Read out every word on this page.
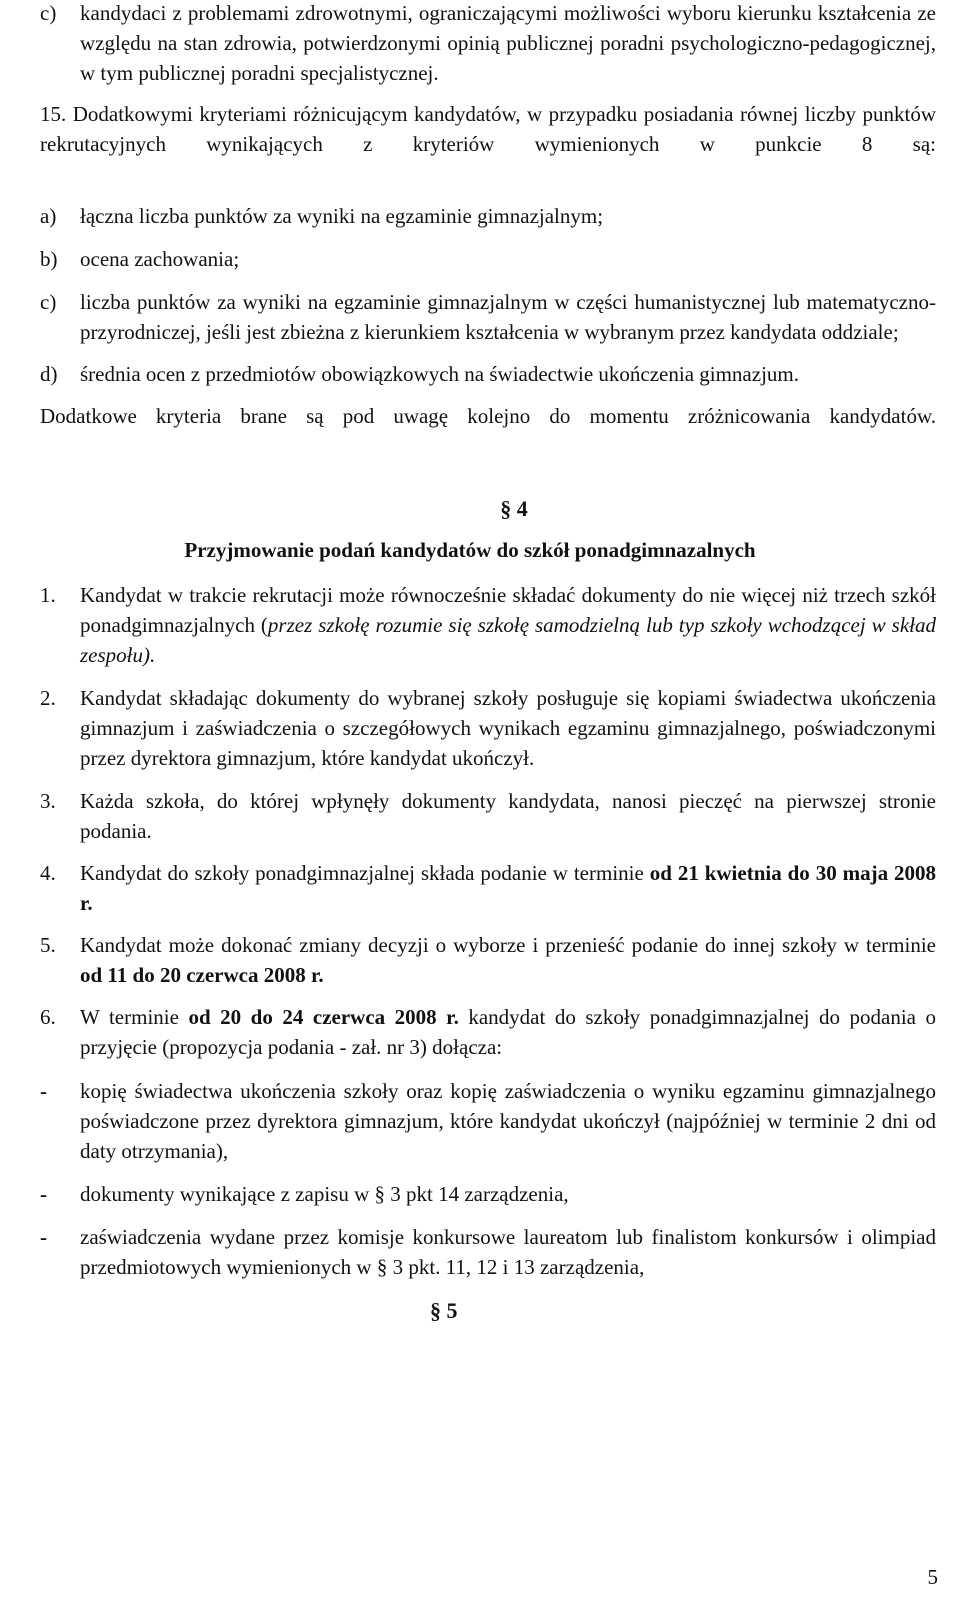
c) kandydaci z problemami zdrowotnymi, ograniczającymi możliwości wyboru kierunku kształcenia ze względu na stan zdrowia, potwierdzonymi opinią publicznej poradni psychologiczno-pedagogicznej, w tym publicznej poradni specjalistycznej.
15. Dodatkowymi kryteriami różnicującym kandydatów, w przypadku posiadania równej liczby punktów rekrutacyjnych wynikających z kryteriów wymienionych w punkcie 8 są:
a) łączna liczba punktów za wyniki na egzaminie gimnazjalnym;
b) ocena zachowania;
c) liczba punktów za wyniki na egzaminie gimnazjalnym w części humanistycznej lub matematyczno-przyrodniczej, jeśli jest zbieżna z kierunkiem kształcenia w wybranym przez kandydata oddziale;
d) średnia ocen z przedmiotów obowiązkowych na świadectwie ukończenia gimnazjum.
Dodatkowe kryteria brane są pod uwagę kolejno do momentu zróżnicowania kandydatów.
§ 4
Przyjmowanie podań kandydatów do szkół ponadgimnazalnych
1. Kandydat w trakcie rekrutacji może równocześnie składać dokumenty do nie więcej niż trzech szkół ponadgimnazjalnych (przez szkołę rozumie się szkołę samodzielną lub typ szkoły wchodzącej w skład zespołu).
2. Kandydat składając dokumenty do wybranej szkoły posługuje się kopiami świadectwa ukończenia gimnazjum i zaświadczenia o szczegółowych wynikach egzaminu gimnazjalnego, poświadczonymi przez dyrektora gimnazjum, które kandydat ukończył.
3. Każda szkoła, do której wpłynęły dokumenty kandydata, nanosi pieczęć na pierwszej stronie podania.
4. Kandydat do szkoły ponadgimnazjalnej składa podanie w terminie od 21 kwietnia do 30 maja 2008 r.
5. Kandydat może dokonać zmiany decyzji o wyborze i przenieść podanie do innej szkoły w terminie od 11 do 20 czerwca 2008 r.
6. W terminie od 20 do 24 czerwca 2008 r. kandydat do szkoły ponadgimnazjalnej do podania o przyjęcie (propozycja podania - zał. nr 3) dołącza:
- kopię świadectwa ukończenia szkoły oraz kopię zaświadczenia o wyniku egzaminu gimnazjalnego poświadczone przez dyrektora gimnazjum, które kandydat ukończył (najpóźniej w terminie 2 dni od daty otrzymania),
- dokumenty wynikające z zapisu w § 3 pkt 14 zarządzenia,
- zaświadczenia wydane przez komisje konkursowe laureatom lub finalistom konkursów i olimpiad przedmiotowych wymienionych w § 3 pkt. 11, 12 i 13 zarządzenia,
§ 5
5
